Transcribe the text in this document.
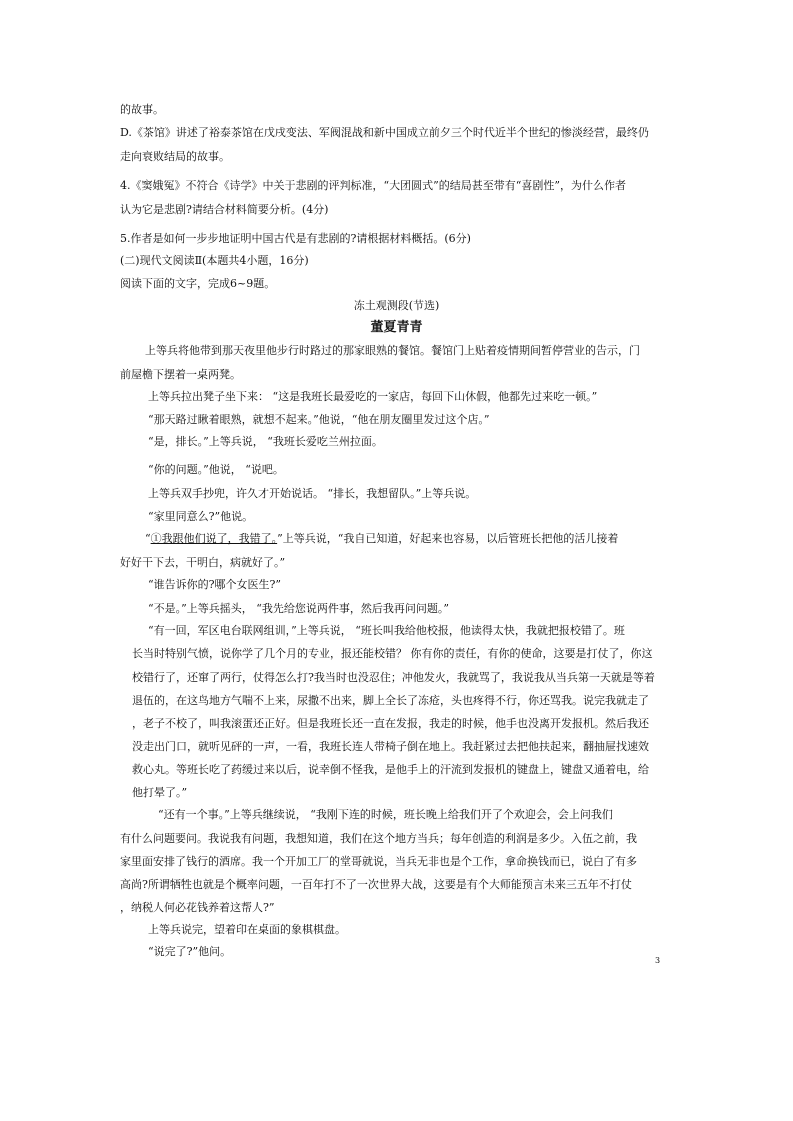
的故事。
D.《茶馆》讲述了裕泰茶馆在戊戌变法、军阀混战和新中国成立前夕三个时代近半个世纪的惨淡经营，最终仍
走向衰败结局的故事。
4.《窦娥冤》不符合《诗学》中关于悲剧的评判标准，“大团圆式”的结局甚至带有“喜剧性”，为什么作者
认为它是悲剧?请结合材料简要分析。(4分)
5.作者是如何一步步地证明中国古代是有悲剧的?请根据材料概括。(6分)
(二)现代文阅读Ⅱ(本题共4小题，16分)
阅读下面的文字，完成6~9题。
冻土观测段(节选)
董夏青青
上等兵将他带到那天夜里他步行时路过的那家眼熟的餐馆。餐馆门上贴着疫情期间暂停营业的告示，门
前屋檐下摆着一桌两凳。
上等兵拉出凳子坐下来： “这是我班长最爱吃的一家店，每回下山休假，他都先过来吃一顿。”
“那天路过瞅着眼熟，就想不起来。”他说，“他在朋友圈里发过这个店。”
“是，排长。”上等兵说， “我班长爱吃兰州拉面。
“你的问题。”他说， “说吧。
上等兵双手抄兜，许久才开始说话。 “排长，我想留队。”上等兵说。
“家里同意么?”他说。
“①我跟他们说了，我错了。”上等兵说，“我自已知道，好起来也容易，以后管班长把他的活儿接着
好好干下去，干明白，病就好了。”
“谁告诉你的?哪个女医生?”
“不是。”上等兵摇头， “我先给您说两件事，然后我再问问题。”
“有一回，军区电台联网组训，”上等兵说， “班长叫我给他校报，他读得太快，我就把报校错了。班
长当时特别气愤，说你学了几个月的专业，报还能校错？ 你有你的责任，有你的使命，这要是打仗了，你这
校错行了，还窜了两行，仗得怎么打?我当时也没忍住；冲他发火，我就骂了，我说我从当兵第一天就是等着
退伍的，在这鸟地方气喘不上来，尿撒不出来，脚上全长了冻疮，头也疼得不行，你还骂我。说完我就走了
，老子不校了，叫我滚蛋还正好。但是我班长还一直在发报，我走的时候，他手也没离开发报机。然后我还
没走出门口，就听见砰的一声，一看，我班长连人带椅子倒在地上。我赶紧过去把他扶起来，翻抽屉找速效
救心丸。等班长吃了药缓过来以后，说幸倒不怪我，是他手上的汗流到发报机的键盘上，键盘又通着电，给
他打晕了。”
“还有一个事。”上等兵继续说， “我刚下连的时候，班长晚上给我们开了个欢迎会，会上问我们
有什么问题要问。我说我有问题，我想知道，我们在这个地方当兵；每年创造的利润是多少。入伍之前，我
家里面安排了钱行的酒席。我一个开加工厂的堂哥就说，当兵无非也是个工作，拿命换钱而已，说白了有多
高尚?所谓牺牲也就是个概率问题，一百年打不了一次世界大战，这要是有个大师能预言未来三五年不打仗
，纳税人何必花钱养着这帮人?”
上等兵说完，望着印在桌面的象棋棋盘。
“说完了?”他问。
3
